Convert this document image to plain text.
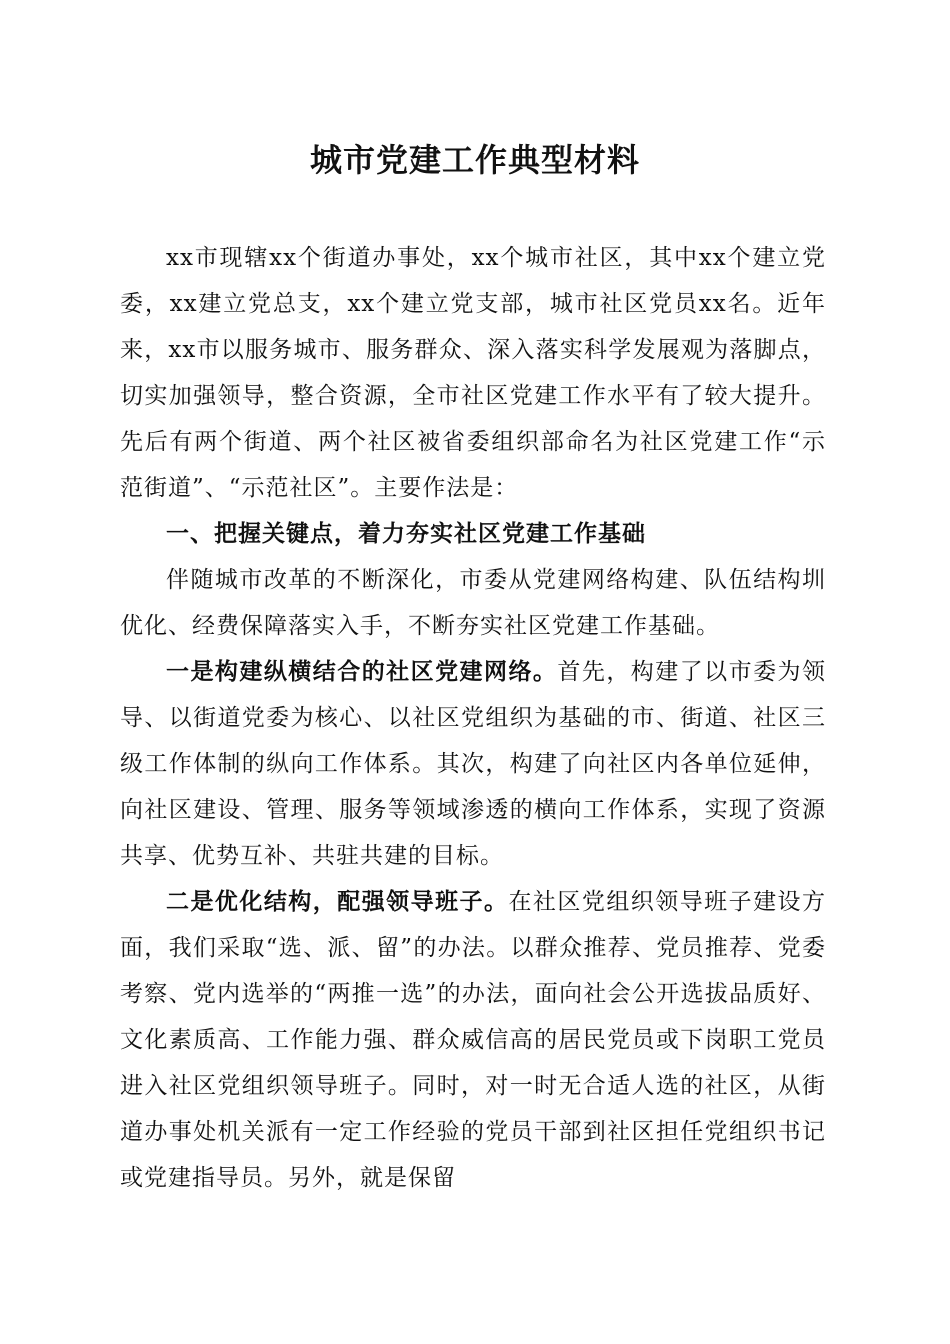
城市党建工作典型材料

xx市现辖xx个街道办事处，xx个城市社区，其中xx个建立党委，xx建立党总支，xx个建立党支部，城市社区党员xx名。近年来，xx市以服务城市、服务群众、深入落实科学发展观为落脚点，切实加强领导，整合资源，全市社区党建工作水平有了较大提升。先后有两个街道、两个社区被省委组织部命名为社区党建工作“示范街道”、“示范社区”。主要作法是：

一、把握关键点，着力夯实社区党建工作基础

伴随城市改革的不断深化，市委从党建网络构建、队伍结构圳优化、经费保障落实入手，不断夯实社区党建工作基础。

一是构建纵横结合的社区党建网络。首先，构建了以市委为领导、以街道党委为核心、以社区党组织为基础的市、街道、社区三级工作体制的纵向工作体系。其次，构建了向社区内各单位延伸，向社区建设、管理、服务等领域渗透的横向工作体系，实现了资源共享、优势互补、共驻共建的目标。

二是优化结构，配强领导班子。在社区党组织领导班子建设方面，我们采取“选、派、留”的办法。以群众推荐、党员推荐、党委考察、党内选举的“两推一选”的办法，面向社会公开选拔品质好、文化素质高、工作能力强、群众威信高的居民党员或下岗职工党员进入社区党组织领导班子。同时，对一时无合适人选的社区，从街道办事处机关派有一定工作经验的党员干部到社区担任党组织书记或党建指导员。另外，就是保留
